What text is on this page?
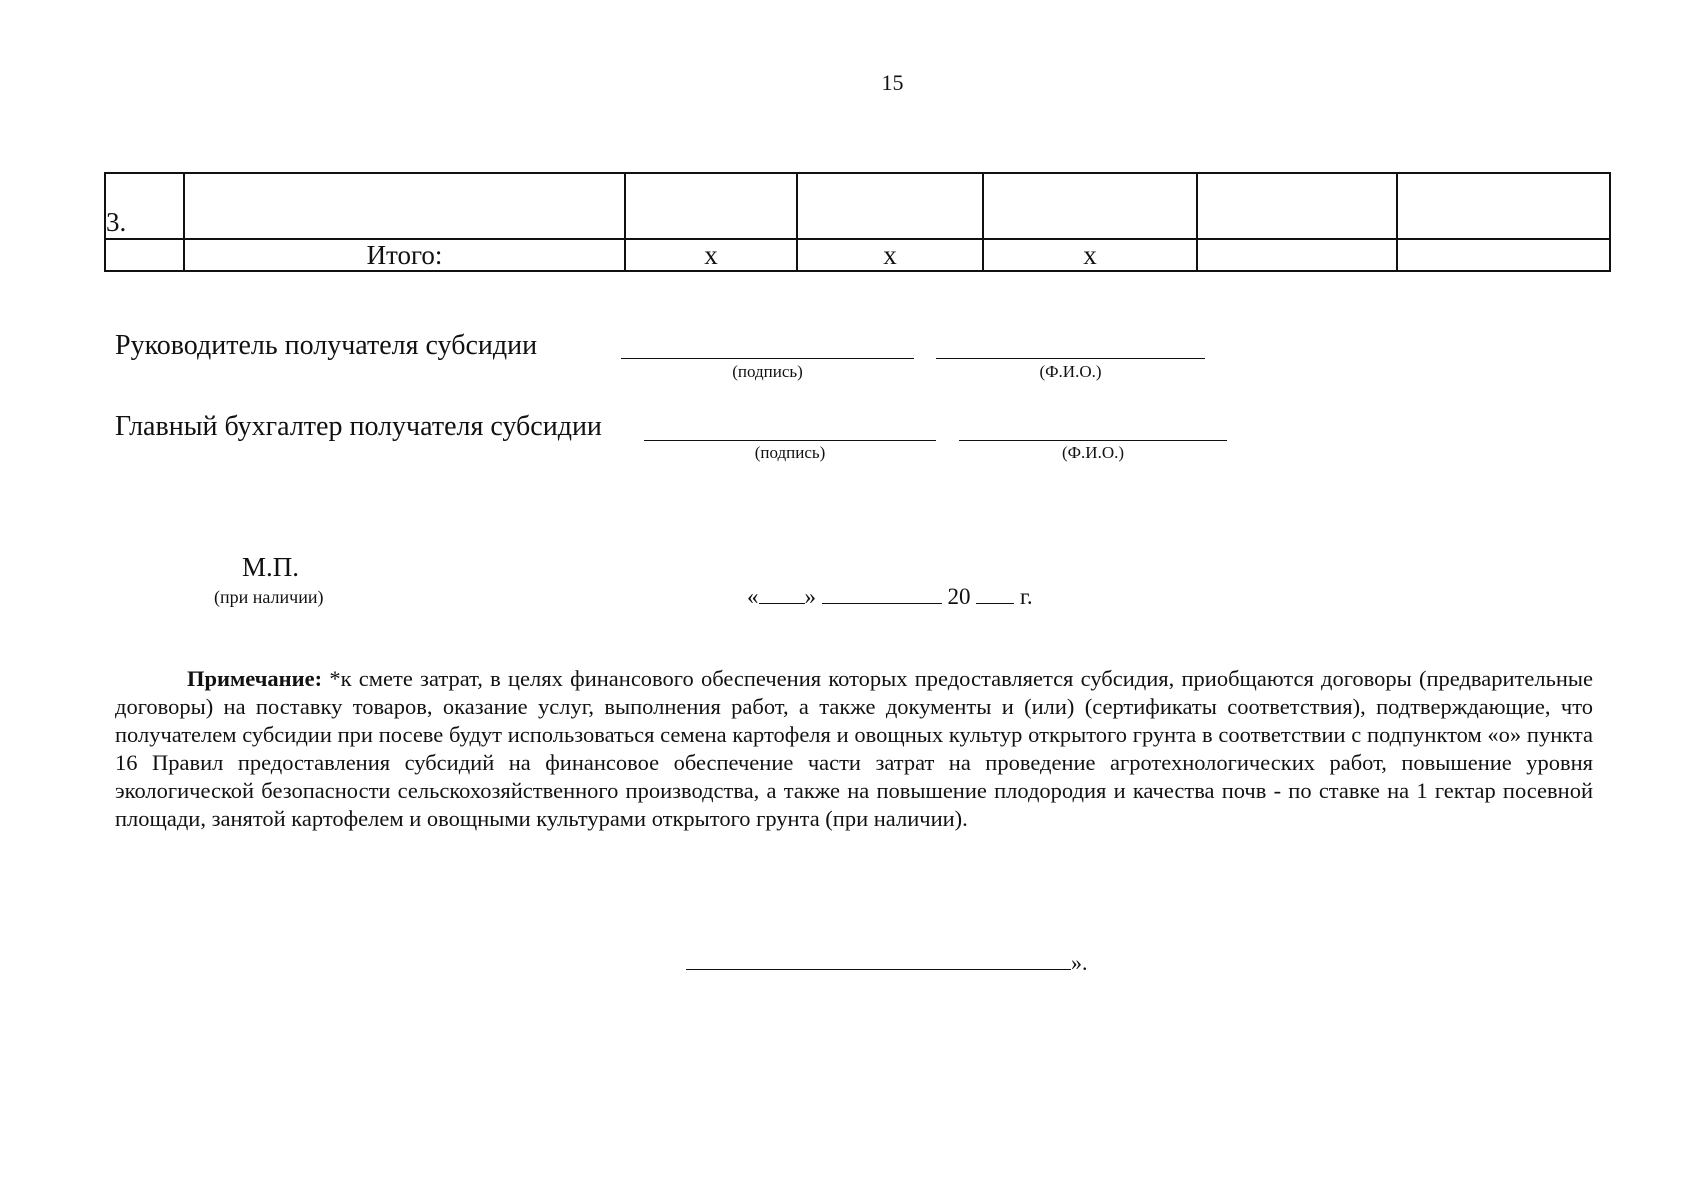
15
3.						
	Итого:	х	х	х		
Руководитель получателя субсидии
(подпись)	(Ф.И.О.)
Главный бухгалтер получателя субсидии
(подпись)	(Ф.И.О.)
М.П.
(при наличии)	« »	20 г.

Примечание: *к смете затрат, в целях финансового обеспечения которых предоставляется субсидия, приобщаются договоры (предварительные договоры) на поставку товаров, оказание услуг, выполнения работ, а также документы и (или) (сертификаты соответствия), подтверждающие, что получателем субсидии при посеве будут использоваться семена картофеля и овощных культур открытого грунта в соответствии с подпунктом «о» пункта 16 Правил предоставления субсидий на финансовое обеспечение части затрат на проведение агротехнологических работ, повышение уровня экологической безопасности сельскохозяйственного производства, а также на повышение плодородия и качества почв - по ставке на 1 гектар посевной площади, занятой картофелем и овощными культурами открытого грунта (при наличии).

».
